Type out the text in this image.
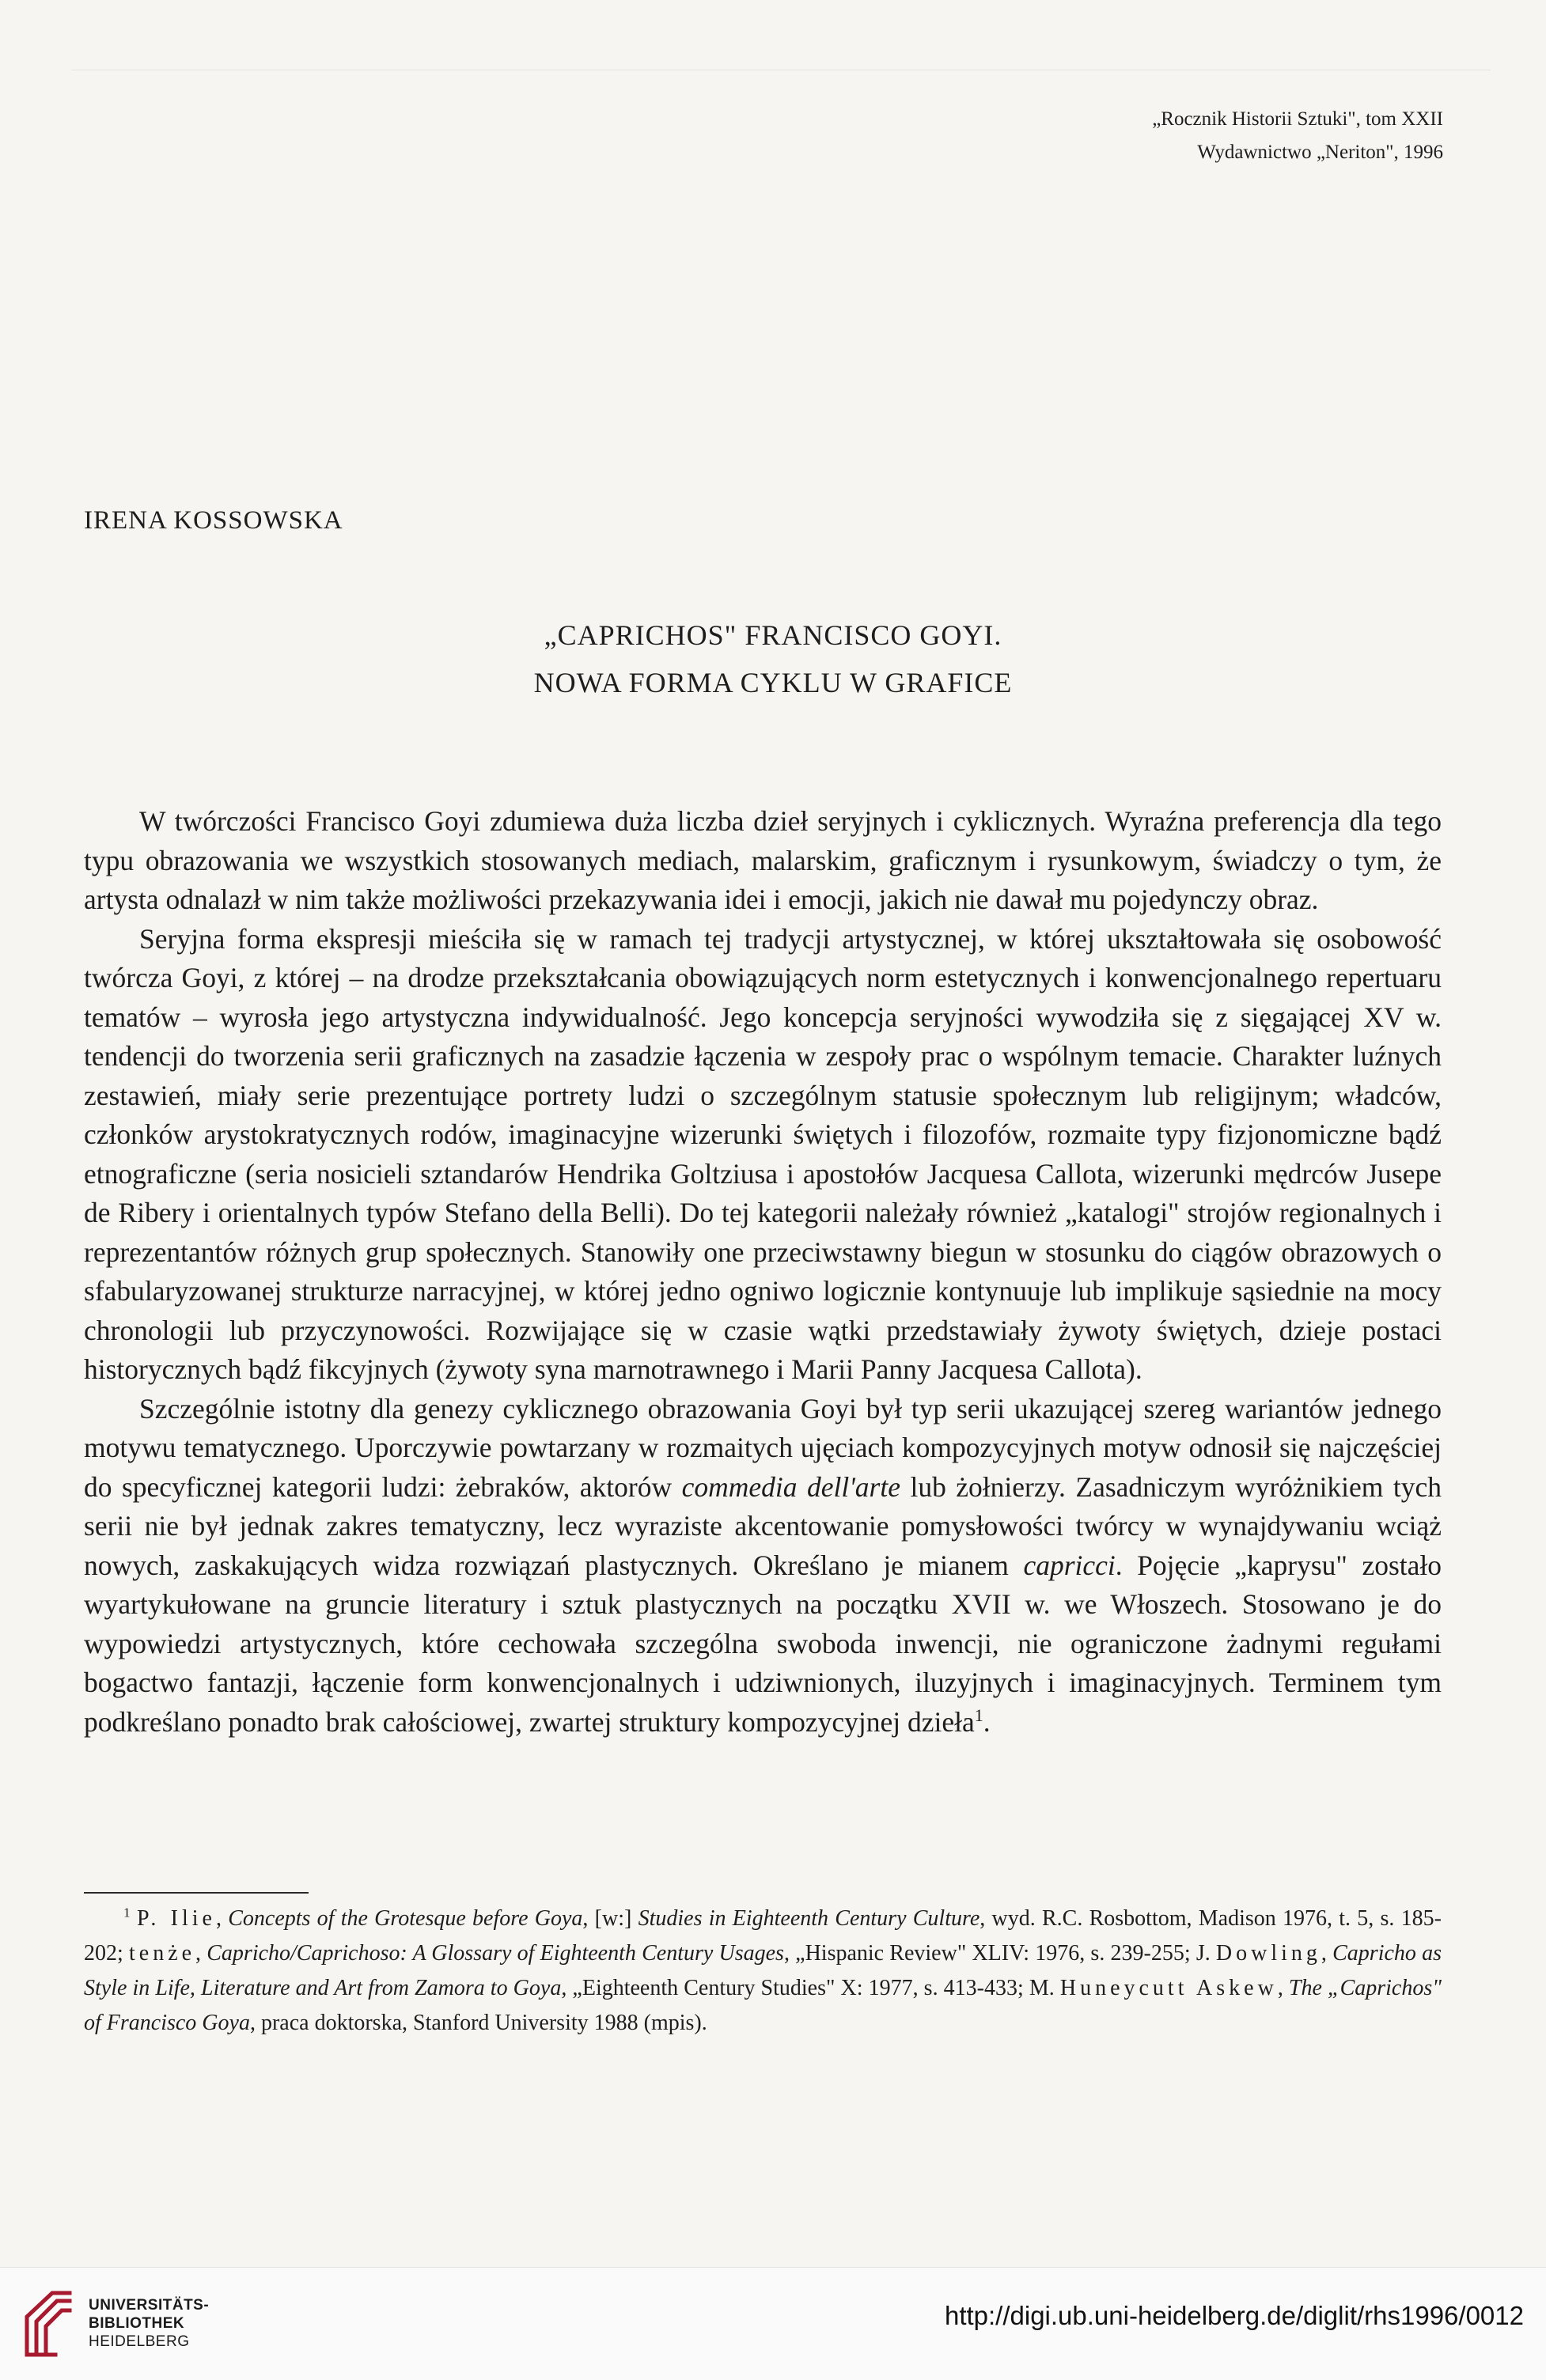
„Rocznik Historii Sztuki", tom XXII
Wydawnictwo „Neriton", 1996
IRENA KOSSOWSKA
„CAPRICHOS" FRANCISCO GOYI.
NOWA FORMA CYKLU W GRAFICE

W twórczości Francisco Goyi zdumiewa duża liczba dzieł seryjnych i cyklicznych. Wyraźna preferencja dla tego typu obrazowania we wszystkich stosowanych mediach, malarskim, graficznym i rysunkowym, świadczy o tym, że artysta odnalazł w nim także możliwości przekazywania idei i emocji, jakich nie dawał mu pojedynczy obraz.

Seryjna forma ekspresji mieściła się w ramach tej tradycji artystycznej, w której ukształtowała się osobowość twórcza Goyi, z której – na drodze przekształcania obowiązujących norm estetycznych i konwencjonalnego repertuaru tematów – wyrosła jego artystyczna indywidualność. Jego koncepcja seryjności wywodziła się z sięgającej XV w. tendencji do tworzenia serii graficznych na zasadzie łączenia w zespoły prac o wspólnym temacie. Charakter luźnych zestawień, miały serie prezentujące portrety ludzi o szczególnym statusie społecznym lub religijnym; władców, członków arystokratycznych rodów, imaginacyjne wizerunki świętych i filozofów, rozmaite typy fizjonomiczne bądź etnograficzne (seria nosicieli sztandarów Hendrika Goltziusa i apostołów Jacquesa Callota, wizerunki mędrców Jusepe de Ribery i orientalnych typów Stefano della Belli). Do tej kategorii należały również „katalogi" strojów regionalnych i reprezentantów różnych grup społecznych. Stanowiły one przeciwstawny biegun w stosunku do ciągów obrazowych o sfabularyzowanej strukturze narracyjnej, w której jedno ogniwo logicznie kontynuuje lub implikuje sąsiednie na mocy chronologii lub przyczynowości. Rozwijające się w czasie wątki przedstawiały żywoty świętych, dzieje postaci historycznych bądź fikcyjnych (żywoty syna marnotrawnego i Marii Panny Jacquesa Callota).

Szczególnie istotny dla genezy cyklicznego obrazowania Goyi był typ serii ukazującej szereg wariantów jednego motywu tematycznego. Uporczywie powtarzany w rozmaitych ujęciach kompozycyjnych motyw odnosił się najczęściej do specyficznej kategorii ludzi: żebraków, aktorów commedia dell'arte lub żołnierzy. Zasadniczym wyróżnikiem tych serii nie był jednak zakres tematyczny, lecz wyraziste akcentowanie pomysłowości twórcy w wynajdywaniu wciąż nowych, zaskakujących widza rozwiązań plastycznych. Określano je mianem capricci. Pojęcie „kaprysu" zostało wyartykułowane na gruncie literatury i sztuk plastycznych na początku XVII w. we Włoszech. Stosowano je do wypowiedzi artystycznych, które cechowała szczególna swoboda inwencji, nie ograniczone żadnymi regułami bogactwo fantazji, łączenie form konwencjonalnych i udziwnionych, iluzyjnych i imaginacyjnych. Terminem tym podkreślano ponadto brak całościowej, zwartej struktury kompozycyjnej dzieła$^1$.

$^1$ P. Ilie, Concepts of the Grotesque before Goya, [w:] Studies in Eighteenth Century Culture, wyd. R.C. Rosbottom, Madison 1976, t. 5, s. 185-202; tenże, Capricho/Caprichoso: A Glossary of Eighteenth Century Usages, „Hispanic Review" XLIV: 1976, s. 239-255; J. Dowling, Capricho as Style in Life, Literature and Art from Zamora to Goya, „Eighteenth Century Studies" X: 1977, s. 413-433; M. Huneycutt Askew, The „Caprichos" of Francisco Goya, praca doktorska, Stanford University 1988 (mpis).
UNIVERSITÄTS-
BIBLIOTHEK
HEIDELBERG
http://digi.ub.uni-heidelberg.de/diglit/rhs1996/0012
